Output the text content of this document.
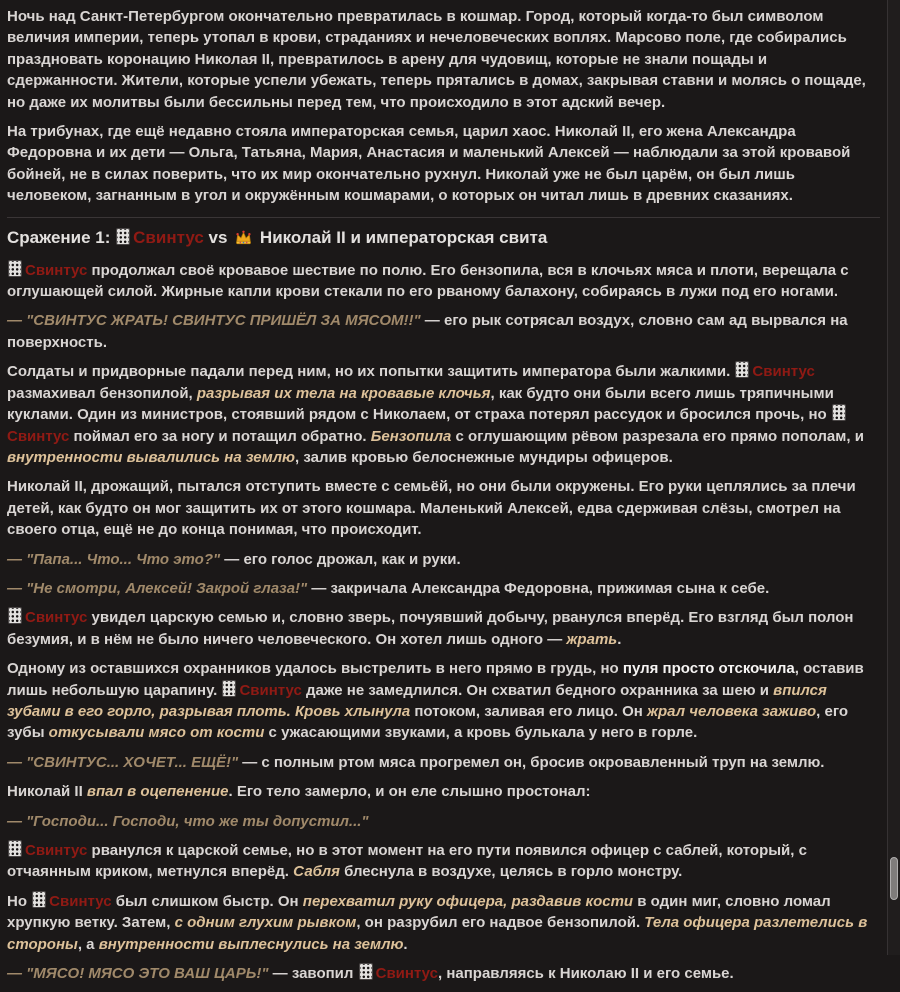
Ночь над Санкт-Петербургом окончательно превратилась в кошмар. Город, который когда-то был символом величия империи, теперь утопал в крови, страданиях и нечеловеческих воплях. Марсово поле, где собирались праздновать коронацию Николая II, превратилось в арену для чудовищ, которые не знали пощады и сдержанности. Жители, которые успели убежать, теперь прятались в домах, закрывая ставни и молясь о пощаде, но даже их молитвы были бессильны перед тем, что происходило в этот адский вечер.

На трибунах, где ещё недавно стояла императорская семья, царил хаос. Николай II, его жена Александра Федоровна и их дети — Ольга, Татьяна, Мария, Анастасия и маленький Алексей — наблюдали за этой кровавой бойней, не в силах поверить, что их мир окончательно рухнул. Николай уже не был царём, он был лишь человеком, загнанным в угол и окружённым кошмарами, о которых он читал лишь в древних сказаниях.

Сражение 1: Свинтус vs  Николай II и императорская свита

Свинтус продолжал своё кровавое шествие по полю. Его бензопила, вся в клочьях мяса и плоти, верещала с оглушающей силой. Жирные капли крови стекали по его рваному балахону, собираясь в лужи под его ногами.

— "СВИНТУС ЖРАТЬ! СВИНТУС ПРИШЁЛ ЗА МЯСОМ!!" — его рык сотрясал воздух, словно сам ад вырвался на поверхность.

Солдаты и придворные падали перед ним, но их попытки защитить императора были жалкими. Свинтус размахивал бензопилой, разрывая их тела на кровавые клочья, как будто они были всего лишь тряпичными куклами. Один из министров, стоявший рядом с Николаем, от страха потерял рассудок и бросился прочь, но Свинтус поймал его за ногу и потащил обратно. Бензопила с оглушающим рёвом разрезала его прямо пополам, и внутренности вывалились на землю, залив кровью белоснежные мундиры офицеров.

Николай II, дрожащий, пытался отступить вместе с семьёй, но они были окружены. Его руки цеплялись за плечи детей, как будто он мог защитить их от этого кошмара. Маленький Алексей, едва сдерживая слёзы, смотрел на своего отца, ещё не до конца понимая, что происходит.

— "Папа... Что... Что это?" — его голос дрожал, как и руки.

— "Не смотри, Алексей! Закрой глаза!" — закричала Александра Федоровна, прижимая сына к себе.

Свинтус увидел царскую семью и, словно зверь, почуявший добычу, рванулся вперёд. Его взгляд был полон безумия, и в нём не было ничего человеческого. Он хотел лишь одного — жрать.

Одному из оставшихся охранников удалось выстрелить в него прямо в грудь, но пуля просто отскочила, оставив лишь небольшую царапину. Свинтус даже не замедлился. Он схватил бедного охранника за шею и впился зубами в его горло, разрывая плоть. Кровь хлынула потоком, заливая его лицо. Он жрал человека заживо, его зубы откусывали мясо от кости с ужасающими звуками, а кровь булькала у него в горле.

— "СВИНТУС... ХОЧЕТ... ЕЩЁ!" — с полным ртом мяса прогремел он, бросив окровавленный труп на землю.

Николай II впал в оцепенение. Его тело замерло, и он еле слышно простонал:

— "Господи... Господи, что же ты допустил..."

Свинтус рванулся к царской семье, но в этот момент на его пути появился офицер с саблей, который, с отчаянным криком, метнулся вперёд. Сабля блеснула в воздухе, целясь в горло монстру.

Но Свинтус был слишком быстр. Он перехватил руку офицера, раздавив кости в один миг, словно ломал хрупкую ветку. Затем, с одним глухим рывком, он разрубил его надвое бензопилой. Тела офицера разлетелись в стороны, а внутренности выплеснулись на землю.

— "МЯСО! МЯСО ЭТО ВАШ ЦАРЬ!" — завопил Свинтус, направляясь к Николаю II и его семье.
